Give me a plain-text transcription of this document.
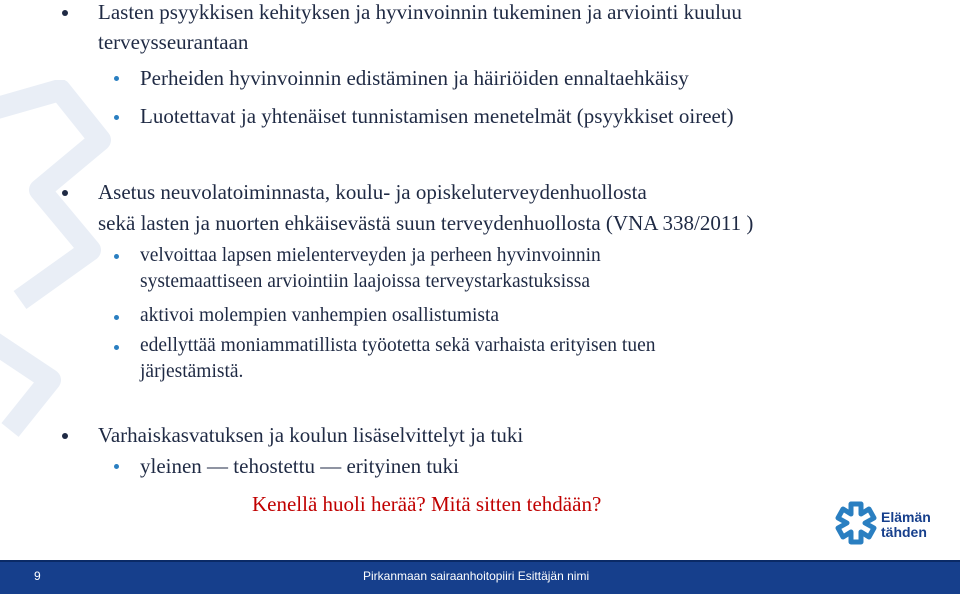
Lasten psyykkisen kehityksen ja hyvinvoinnin tukeminen ja arviointi kuuluu
terveysseurantaan
Perheiden hyvinvoinnin edistäminen ja häiriöiden ennaltaehkäisy
Luotettavat ja yhtenäiset tunnistamisen menetelmät (psyykkiset oireet)
Asetus neuvolatoiminnasta, koulu- ja opiskeluterveydenhuollosta
sekä lasten ja nuorten ehkäisevästä suun terveydenhuollosta (VNA 338/2011 )
velvoittaa lapsen mielenterveyden ja perheen hyvinvoinnin
systemaattiseen arviointiin laajoissa terveystarkastuksissa
aktivoi molempien vanhempien osallistumista
edellyttää moniammatillista työotetta sekä varhaista erityisen tuen
järjestämistä.
Varhaiskasvatuksen ja koulun lisäselvittelyt ja tuki
yleinen — tehostettu — erityinen tuki
Kenellä huoli herää? Mitä sitten tehdään?
Elämän
tähden
9	Pirkanmaan sairaanhoitopiiri Esittäjän nimi
